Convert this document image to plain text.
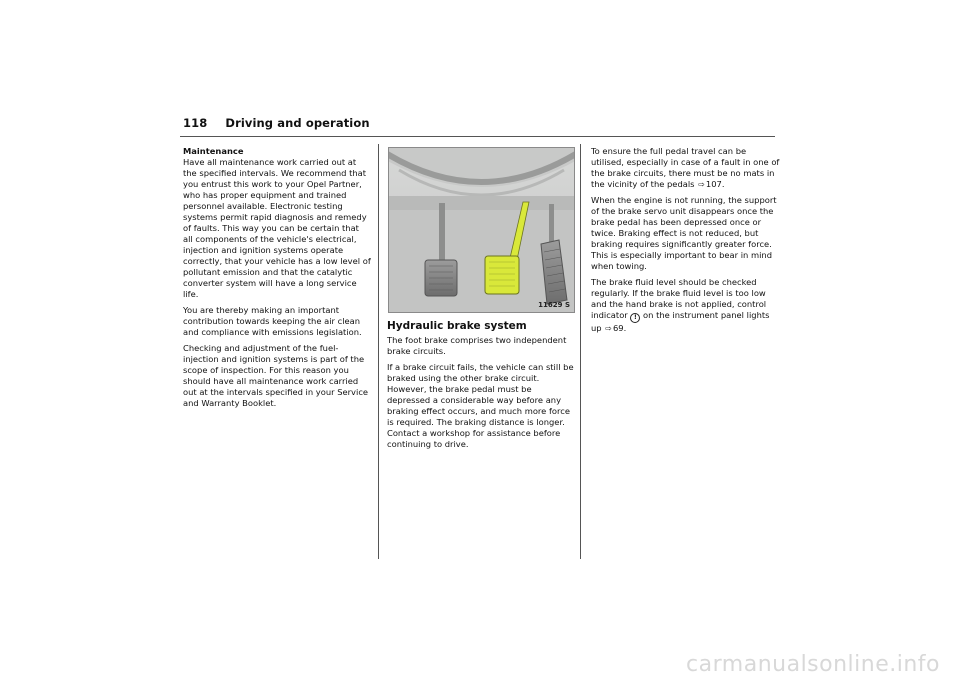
118 Driving and operation
Maintenance

Have all maintenance work carried out at the specified intervals. We recommend that you entrust this work to your Opel Partner, who has proper equipment and trained personnel available. Electronic testing systems permit rapid diagnosis and remedy of faults. This way you can be certain that all components of the vehicle's electrical, injection and ignition systems operate correctly, that your vehicle has a low level of pollutant emission and that the catalytic converter system will have a long service life.

You are thereby making an important contribution towards keeping the air clean and compliance with emissions legislation.

Checking and adjustment of the fuel-injection and ignition systems is part of the scope of inspection. For this reason you should have all maintenance work carried out at the intervals specified in your Service and Warranty Booklet.

11629 S
Hydraulic brake system

The foot brake comprises two independent brake circuits.

If a brake circuit fails, the vehicle can still be braked using the other brake circuit. However, the brake pedal must be depressed a considerable way before any braking effect occurs, and much more force is required. The braking distance is longer. Contact a workshop for assistance before continuing to drive.

To ensure the full pedal travel can be utilised, especially in case of a fault in one of the brake circuits, there must be no mats in the vicinity of the pedals ⇨107.

When the engine is not running, the support of the brake servo unit disappears once the brake pedal has been depressed once or twice. Braking effect is not reduced, but braking requires significantly greater force. This is especially important to bear in mind when towing.

The brake fluid level should be checked regularly. If the brake fluid level is too low and the hand brake is not applied, control indicator ! on the instrument panel lights up ⇨69.

carmanualsonline.info
